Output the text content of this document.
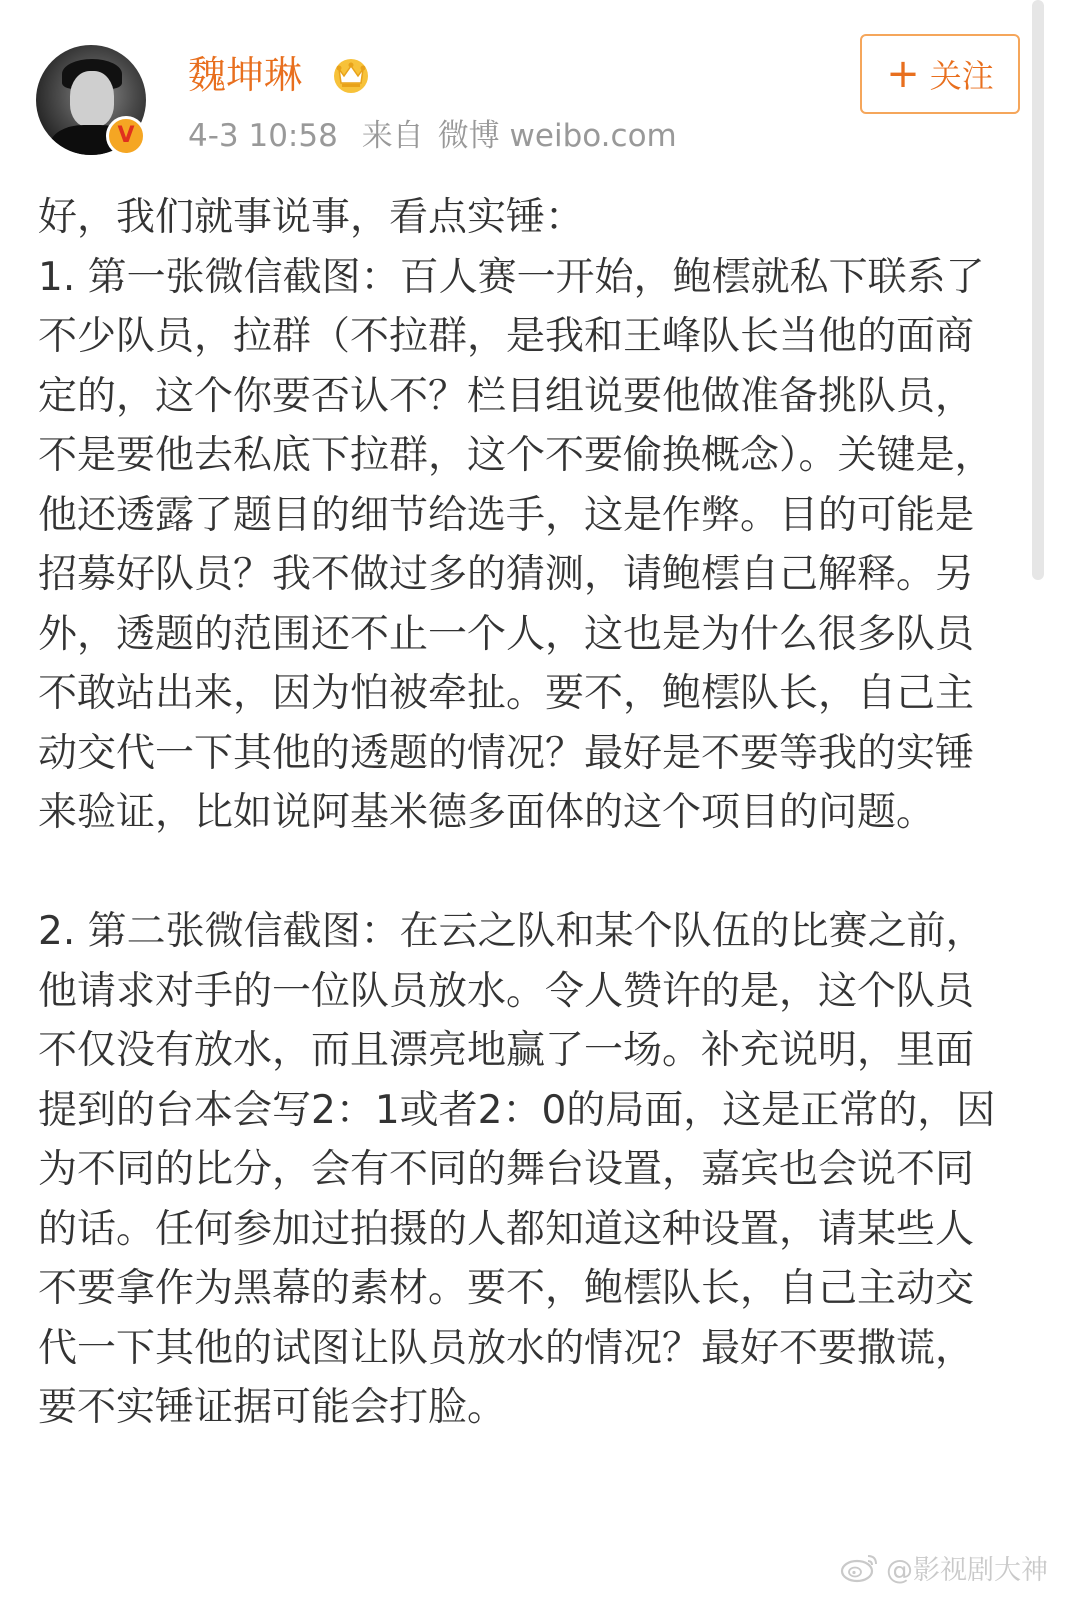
V
魏坤琳
4-3 10:58 来自 微博 weibo.com
+ 关注

好，我们就事说事，看点实锤：
1. 第一张微信截图：百人赛一开始，鲍橒就私下联系了不少队员，拉群（不拉群，是我和王峰队长当他的面商定的，这个你要否认不？栏目组说要他做准备挑队员，不是要他去私底下拉群，这个不要偷换概念）。关键是，他还透露了题目的细节给选手，这是作弊。目的可能是招募好队员？我不做过多的猜测，请鲍橒自己解释。另外，透题的范围还不止一个人，这也是为什么很多队员不敢站出来，因为怕被牵扯。要不，鲍橒队长，自己主动交代一下其他的透题的情况？最好是不要等我的实锤来验证，比如说阿基米德多面体的这个项目的问题。

2. 第二张微信截图：在云之队和某个队伍的比赛之前，他请求对手的一位队员放水。令人赞许的是，这个队员不仅没有放水，而且漂亮地赢了一场。补充说明，里面提到的台本会写2：1或者2：0的局面，这是正常的，因为不同的比分，会有不同的舞台设置，嘉宾也会说不同的话。任何参加过拍摄的人都知道这种设置，请某些人不要拿作为黑幕的素材。要不，鲍橒队长，自己主动交代一下其他的试图让队员放水的情况？最好不要撒谎，要不实锤证据可能会打脸。

@影视剧大神
